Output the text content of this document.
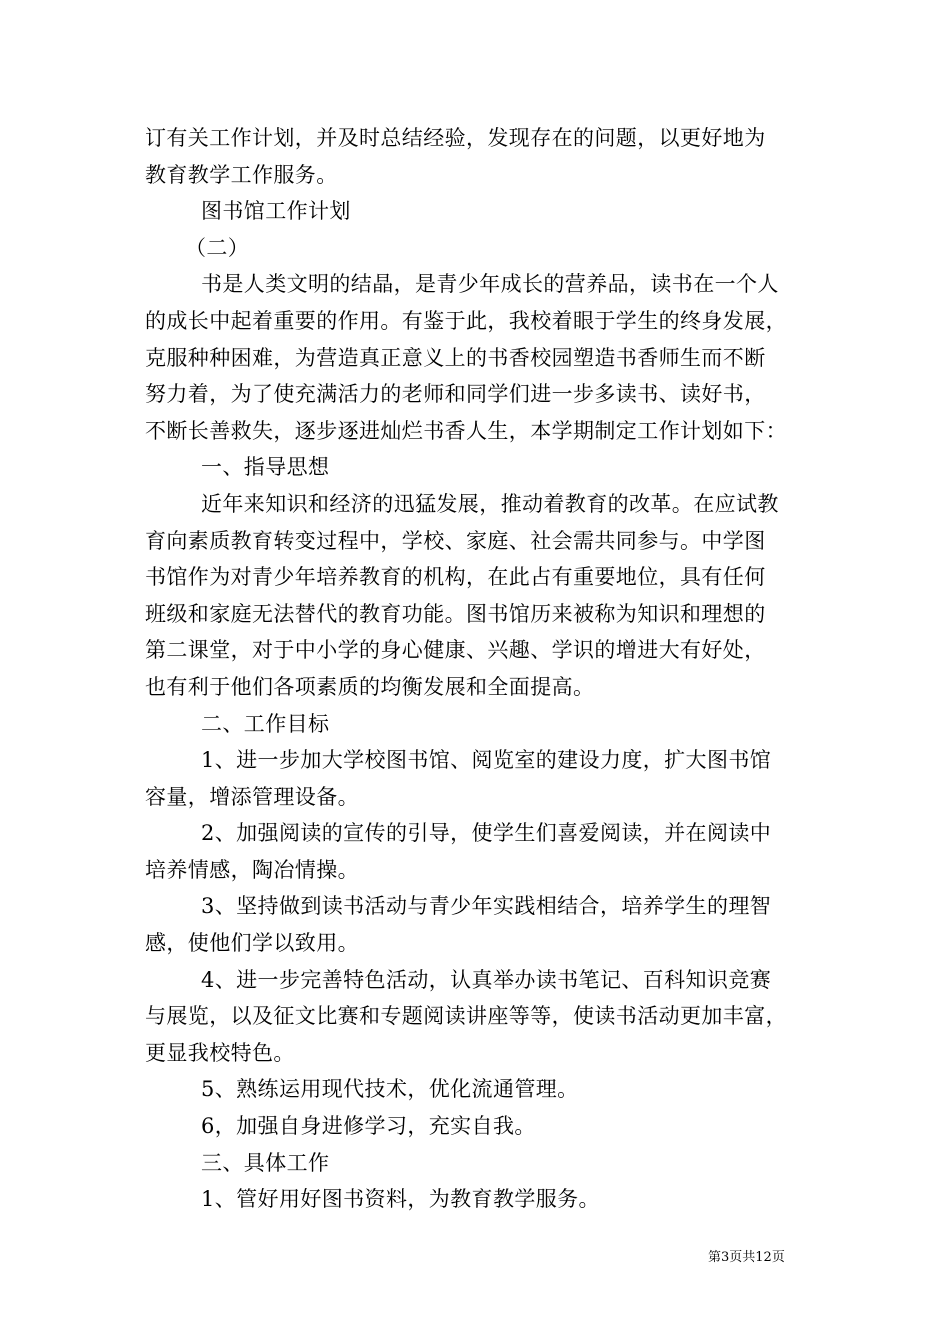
订有关工作计划，并及时总结经验，发现存在的问题，以更好地为
教育教学工作服务。
图书馆工作计划
（二）
书是人类文明的结晶，是青少年成长的营养品，读书在一个人
的成长中起着重要的作用。有鉴于此，我校着眼于学生的终身发展，
克服种种困难，为营造真正意义上的书香校园塑造书香师生而不断
努力着，为了使充满活力的老师和同学们进一步多读书、读好书，
不断长善救失，逐步逐进灿烂书香人生，本学期制定工作计划如下：
一、指导思想
近年来知识和经济的迅猛发展，推动着教育的改革。在应试教
育向素质教育转变过程中，学校、家庭、社会需共同参与。中学图
书馆作为对青少年培养教育的机构，在此占有重要地位，具有任何
班级和家庭无法替代的教育功能。图书馆历来被称为知识和理想的
第二课堂，对于中小学的身心健康、兴趣、学识的增进大有好处，
也有利于他们各项素质的均衡发展和全面提高。
二、工作目标
1、进一步加大学校图书馆、阅览室的建设力度，扩大图书馆
容量，增添管理设备。
2、加强阅读的宣传的引导，使学生们喜爱阅读，并在阅读中
培养情感，陶冶情操。
3、坚持做到读书活动与青少年实践相结合，培养学生的理智
感，使他们学以致用。
4、进一步完善特色活动，认真举办读书笔记、百科知识竞赛
与展览，以及征文比赛和专题阅读讲座等等，使读书活动更加丰富，
更显我校特色。
5、熟练运用现代技术，优化流通管理。
6，加强自身进修学习，充实自我。
三、具体工作
1、管好用好图书资料，为教育教学服务。
第3页共12页
